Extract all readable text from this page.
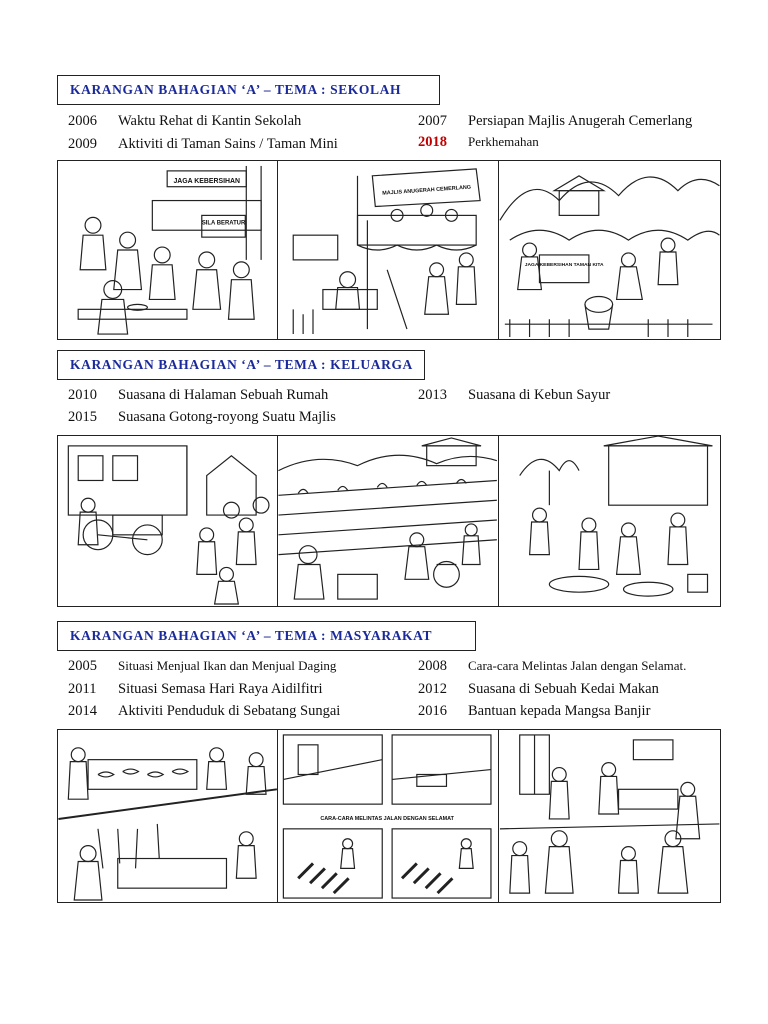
KARANGAN BAHAGIAN ‘A’ – TEMA : SEKOLAH
2006 Waktu Rehat di Kantin Sekolah	2007 Persiapan Majlis Anugerah Cemerlang
2009 Aktiviti di Taman Sains / Taman Mini	2018 Perkhemahan
JAGA KEBERSIHAN
SILA BERATUR
MAJLIS ANUGERAH CEMERLANG
JAGA KEBERSIHAN TAMAN KITA
KARANGAN BAHAGIAN ‘A’ – TEMA : KELUARGA
2010 Suasana di Halaman Sebuah Rumah	2013 Suasana di Kebun Sayur
2015 Suasana Gotong-royong Suatu Majlis
KARANGAN BAHAGIAN ‘A’ – TEMA : MASYARAKAT
2005 Situasi Menjual Ikan dan Menjual Daging	2008 Cara-cara Melintas Jalan dengan Selamat.
2011 Situasi Semasa Hari Raya Aidilfitri	2012 Suasana di Sebuah Kedai Makan
2014 Aktiviti Penduduk di Sebatang Sungai	2016 Bantuan kepada Mangsa Banjir
CARA-CARA MELINTAS JALAN DENGAN SELAMAT
